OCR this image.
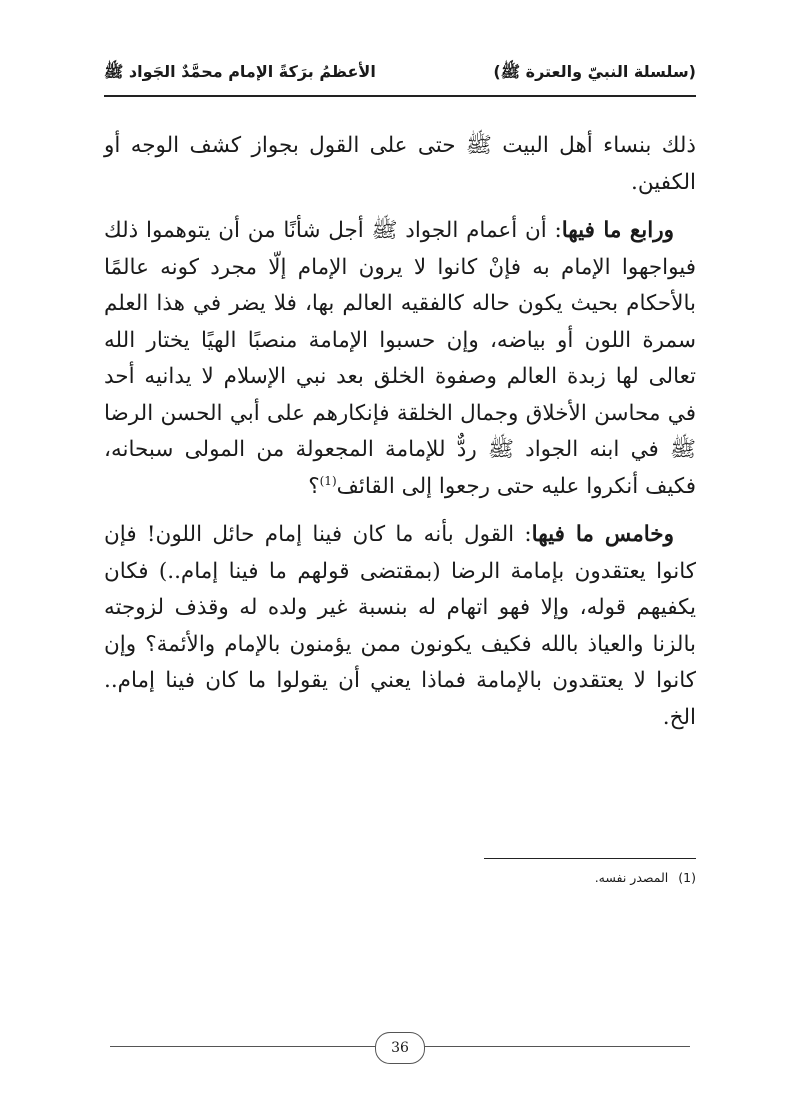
(سلسلة النبيّ والعترة ﷺ)
الأعظمُ برَكةً الإمام محمَّدٌ الجَواد ﷺ

ذلك بنساء أهل البيت ﷺ حتى على القول بجواز كشف الوجه أو الكفين.

ورابع ما فيها: أن أعمام الجواد ﷺ أجل شأنًا من أن يتوهموا ذلك فيواجهوا الإمام به فإنْ كانوا لا يرون الإمام إلّا مجرد كونه عالمًا بالأحكام بحيث يكون حاله كالفقيه العالم بها، فلا يضر في هذا العلم سمرة اللون أو بياضه، وإن حسبوا الإمامة منصبًا الهيًا يختار الله تعالى لها زبدة العالم وصفوة الخلق بعد نبي الإسلام لا يدانيه أحد في محاسن الأخلاق وجمال الخلقة فإنكارهم على أبي الحسن الرضا ﷺ في ابنه الجواد ﷺ ردٌّ للإمامة المجعولة من المولى سبحانه، فكيف أنكروا عليه حتى رجعوا إلى القائف$^{(1)}$؟

وخامس ما فيها: القول بأنه ما كان فينا إمام حائل اللون! فإن كانوا يعتقدون بإمامة الرضا (بمقتضى قولهم ما فينا إمام..) فكان يكفيهم قوله، وإلا فهو اتهام له بنسبة غير ولده له وقذف لزوجته بالزنا والعياذ بالله فكيف يكونون ممن يؤمنون بالإمام والأئمة؟ وإن كانوا لا يعتقدون بالإمامة فماذا يعني أن يقولوا ما كان فينا إمام.. الخ.

(1)
المصدر نفسه.
36
